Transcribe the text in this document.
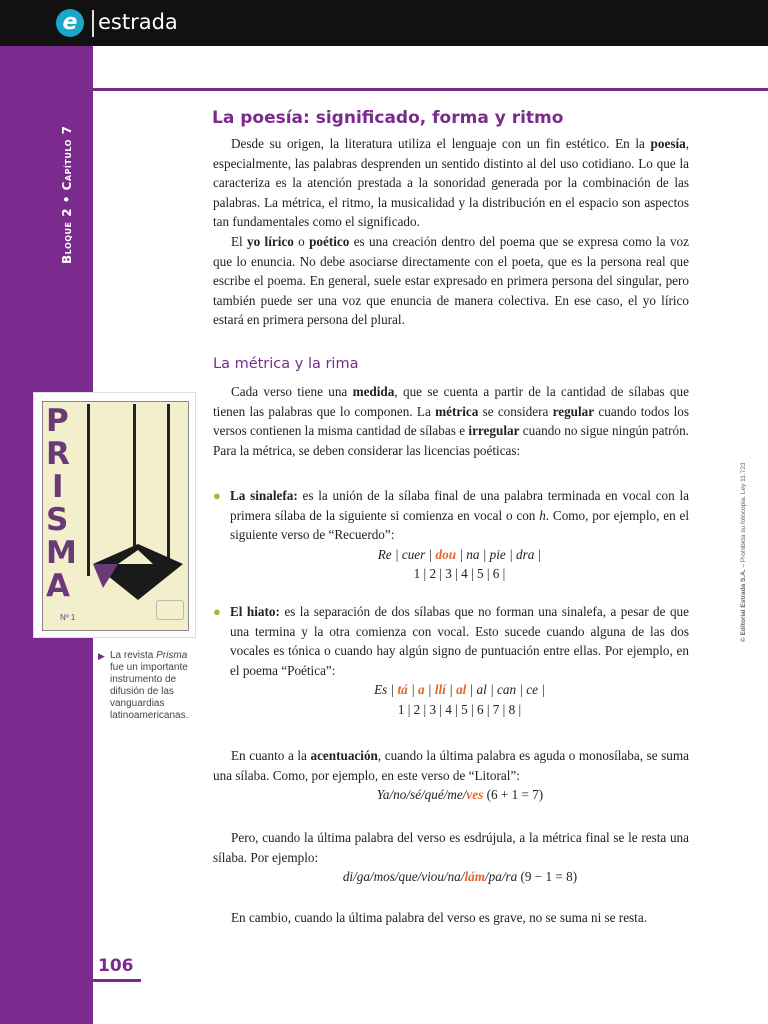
e estrada
Bloque 2 • Capítulo 7
La poesía: significado, forma y ritmo

Desde su origen, la literatura utiliza el lenguaje con un fin estético. En la poesía, especialmente, las palabras desprenden un sentido distinto al del uso cotidiano. Lo que la caracteriza es la atención prestada a la sonoridad generada por la combinación de las palabras. La métrica, el ritmo, la musicalidad y la distribución en el espacio son aspectos tan fundamentales como el significado.

El yo lírico o poético es una creación dentro del poema que se expresa como la voz que lo enuncia. No debe asociarse directamente con el poeta, que es la persona real que escribe el poema. En general, suele estar expresado en primera persona del singular, pero también puede ser una voz que enuncia de manera colectiva. En ese caso, el yo lírico estará en primera persona del plural.

La métrica y la rima

Cada verso tiene una medida, que se cuenta a partir de la cantidad de sílabas que tienen las palabras que lo componen. La métrica se considera regular cuando todos los versos contienen la misma cantidad de sílabas e irregular cuando no sigue ningún patrón. Para la métrica, se deben considerar las licencias poéticas:

● La sinalefa: es la unión de la sílaba final de una palabra terminada en vocal con la primera sílaba de la siguiente si comienza en vocal o con h. Como, por ejemplo, en el siguiente verso de “Recuerdo”:

Re | cuer | dou | na | pie | dra |

1 | 2 | 3 | 4 | 5 | 6 |

● El hiato: es la separación de dos sílabas que no forman una sinalefa, a pesar de que una termina y la otra comienza con vocal. Esto sucede cuando alguna de las dos vocales es tónica o cuando hay algún signo de puntuación entre ellas. Por ejemplo, en el poema “Poética”:

Es | tá | a | llí | al | al | can | ce |

1 | 2 | 3 | 4 | 5 | 6 | 7 | 8 |

En cuanto a la acentuación, cuando la última palabra es aguda o monosílaba, se suma una sílaba. Como, por ejemplo, en este verso de “Litoral”:

Ya/no/sé/qué/me/ves (6 + 1 = 7)

Pero, cuando la última palabra del verso es esdrújula, a la métrica final se le resta una sílaba. Por ejemplo:

di/ga/mos/que/viou/na/lám/pa/ra (9 − 1 = 8)

En cambio, cuando la última palabra del verso es grave, no se suma ni se resta.

P
R
I
S
M
A
Nº 1
▶ La revista Prisma fue un importante instrumento de difusión de las vanguardias latinoamericanas.
© Editorial Estrada S.A. – Prohibida su fotocopia. Ley 11.723

106
